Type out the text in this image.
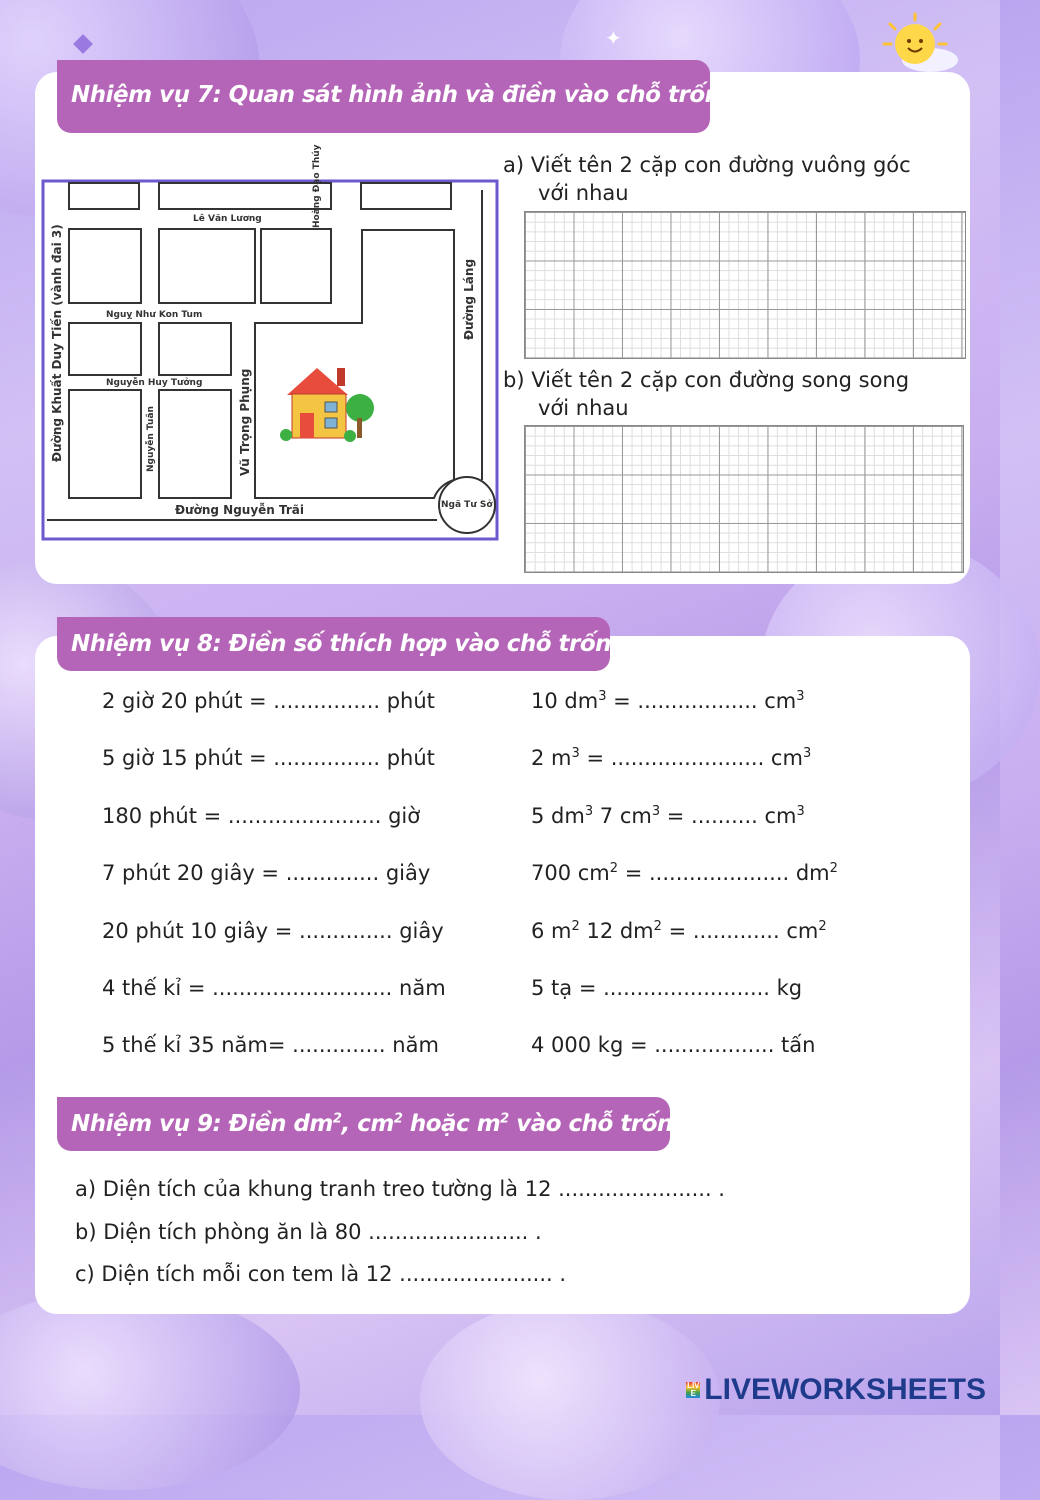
✦
Nhiệm vụ 7: Quan sát hình ảnh và điền vào chỗ trống
Lê Văn Lương	Hoàng Đạo Thúy
Đường Láng
Nguỵ Như Kon Tum
Nguyễn Huy Tưởng
Đường Khuất Duy Tiến (vành đai 3)	Nguyễn Tuân	Vũ Trọng Phụng
Đường Nguyễn Trãi	Ngã Tư Sở
a) Viết tên 2 cặp con đường vuông góc
với nhau
b) Viết tên 2 cặp con đường song song
với nhau
Nhiệm vụ 8: Điền số thích hợp vào chỗ trống
2 giờ 20 phút = ................ phút
5 giờ 15 phút = ................ phút
180 phút = ....................... giờ
7 phút 20 giây = .............. giây
20 phút 10 giây = .............. giây
4 thế kỉ = ........................... năm
5 thế kỉ 35 năm= .............. năm
10 $dm^3$ = .................. $cm^3$
2 $m^3$ = ....................... $cm^3$
5 $dm^3$ 7 $cm^3$ = .......... $cm^3$
700 $cm^2$ = ..................... $dm^2$
6 $m^2$ 12 $dm^2$ = ............. $cm^2$
5 tạ = ......................... kg
4 000 kg = .................. tấn
Nhiệm vụ 9: Điền $dm^2$, $cm^2$ hoặc $m^2$ vào chỗ trống
a) Diện tích của khung tranh treo tường là 12 ....................... .
b) Diện tích phòng ăn là 80 ........................ .
c) Diện tích mỗi con tem là 12 ....................... .
LIVE LIVEWORKSHEETS
